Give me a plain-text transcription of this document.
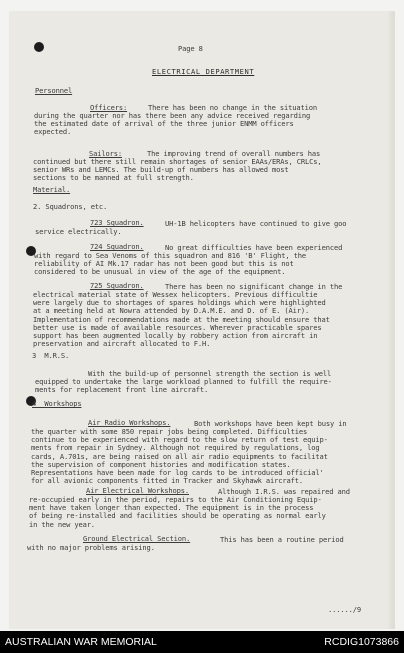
Page 8

ELECTRICAL DEPARTMENT

Personnel

Officers:	There has been no change in the situation

during the quarter nor has there been any advice received regarding
the estimated date of arrival of the three junior ENMM officers
expected.

Sailors:	The improving trend of overall numbers has

continued but there still remain shortages of senior EAAs/ERAs, CRLCs,
senior WRs and LEMCs. The build-up of numbers has allowed most
sections to be manned at full strength.

Material.

2. Squadrons, etc.

723 Squadron.	UH-1B helicopters have continued to give goo

service electrically.

724 Squadron.	No great difficulties have been experienced

with regard to Sea Venoms of this squadron and 816 'B' Flight, the
reliability of AI Mk.17 radar has not been good but this is not
considered to be unusual in view of the age of the equipment.

725 Squadron.	There has been no significant change in the

electrical material state of Wessex helicopters. Previous difficultie
were largely due to shortages of spares holdings which were highlighted
at a meeting held at Nowra attended by D.A.M.E. and D. of E. (Air).
Implementation of recommendations made at the meeting should ensure that
better use is made of available resources. Wherever practicable spares
support has been augmented locally by robbery action from aircraft in
preservation and aircraft allocated to F.H.

3  M.R.S.

With the build-up of personnel strength the section is well
equipped to undertake the large workload planned to fulfill the require-
ments for replacement front line aircraft.

4  Workshops

Air Radio Workshops.	Both workshops have been kept busy in

the quarter with some 850 repair jobs being completed. Difficulties
continue to be experienced with regard to the slow return of test equip-
ments from repair in Sydney. Although not required by regulations, log
cards, A.701s, are being raised on all air radio equipments to facilitat
the supervision of component histories and modification states.
Representations have been made for log cards to be introduced official'
for all avionic components fitted in Tracker and Skyhawk aircraft.

Air Electrical Workshops.	Although I.R.S. was repaired and

re-occupied early in the period, repairs to the Air Conditioning Equip-
ment have taken longer than expected. The equipment is in the process
of being re-installed and facilities should be operating as normal early
in the new year.

Ground Electrical Section.	This has been a routine period

with no major problems arising.

....../9

AUSTRALIAN WAR MEMORIAL	RCDIG1073866
